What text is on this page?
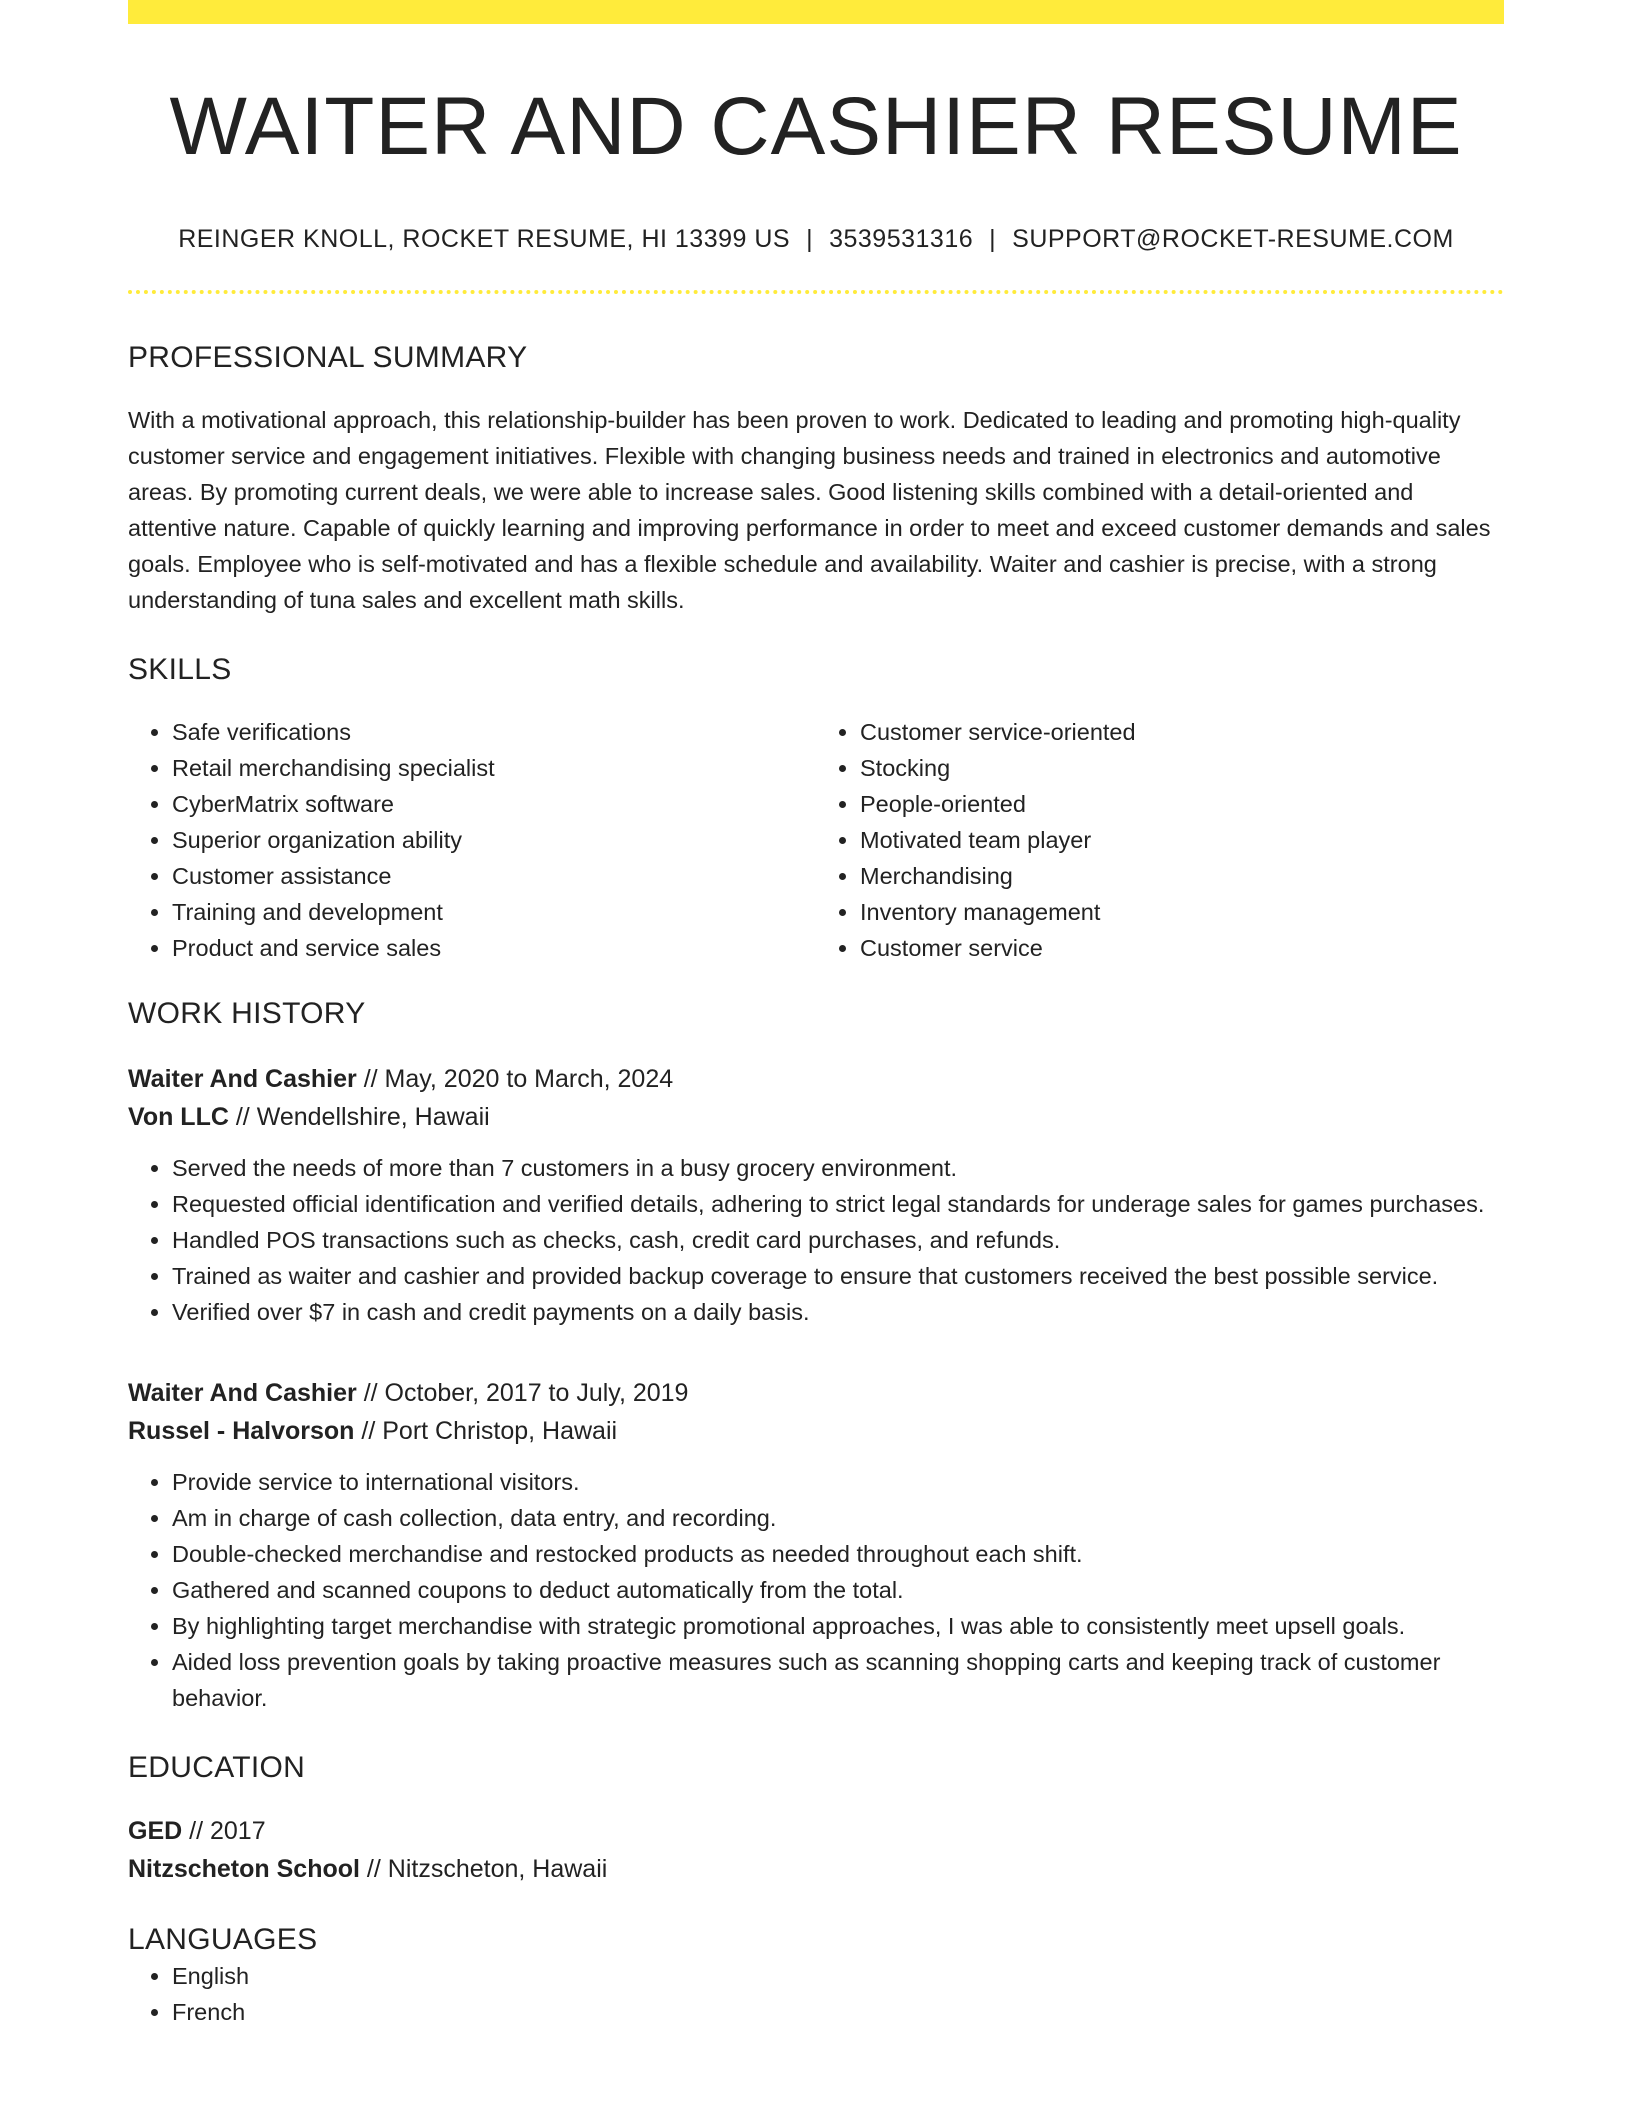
WAITER AND CASHIER RESUME
REINGER KNOLL, ROCKET RESUME, HI 13399 US | 3539531316 | SUPPORT@ROCKET-RESUME.COM
PROFESSIONAL SUMMARY
With a motivational approach, this relationship-builder has been proven to work. Dedicated to leading and promoting high-quality customer service and engagement initiatives. Flexible with changing business needs and trained in electronics and automotive areas. By promoting current deals, we were able to increase sales. Good listening skills combined with a detail-oriented and attentive nature. Capable of quickly learning and improving performance in order to meet and exceed customer demands and sales goals. Employee who is self-motivated and has a flexible schedule and availability. Waiter and cashier is precise, with a strong understanding of tuna sales and excellent math skills.
SKILLS
• Safe verifications
• Retail merchandising specialist
• CyberMatrix software
• Superior organization ability
• Customer assistance
• Training and development
• Product and service sales
• Customer service-oriented
• Stocking
• People-oriented
• Motivated team player
• Merchandising
• Inventory management
• Customer service
WORK HISTORY
Waiter And Cashier // May, 2020 to March, 2024
Von LLC // Wendellshire, Hawaii
• Served the needs of more than 7 customers in a busy grocery environment.
• Requested official identification and verified details, adhering to strict legal standards for underage sales for games purchases.
• Handled POS transactions such as checks, cash, credit card purchases, and refunds.
• Trained as waiter and cashier and provided backup coverage to ensure that customers received the best possible service.
• Verified over $7 in cash and credit payments on a daily basis.
Waiter And Cashier // October, 2017 to July, 2019
Russel - Halvorson // Port Christop, Hawaii
• Provide service to international visitors.
• Am in charge of cash collection, data entry, and recording.
• Double-checked merchandise and restocked products as needed throughout each shift.
• Gathered and scanned coupons to deduct automatically from the total.
• By highlighting target merchandise with strategic promotional approaches, I was able to consistently meet upsell goals.
• Aided loss prevention goals by taking proactive measures such as scanning shopping carts and keeping track of customer behavior.
EDUCATION
GED // 2017
Nitzscheton School // Nitzscheton, Hawaii
LANGUAGES
• English
• French
